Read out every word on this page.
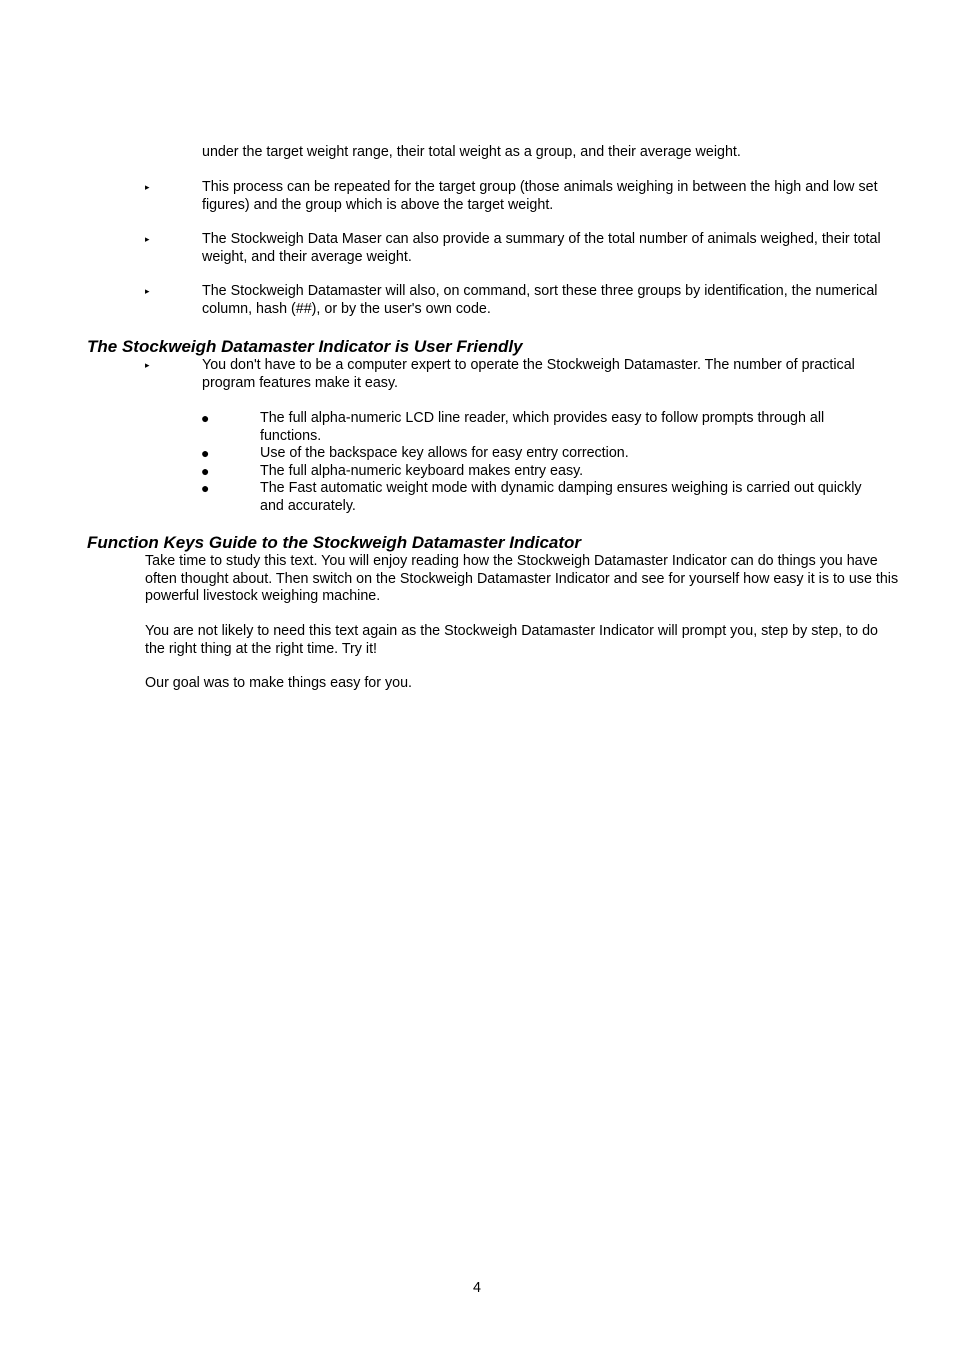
under the target weight range, their total weight as a group, and their average weight.
▸	This process can be repeated for the target group (those animals weighing in between the high and low set figures) and the group which is above the target weight.
▸	The Stockweigh Data Maser can also provide a summary of the total number of animals weighed, their total weight, and their average weight.
▸	The Stockweigh Datamaster will also, on command, sort these three groups by identification, the numerical column, hash (##), or by the user's own code.
The Stockweigh Datamaster Indicator is User Friendly
▸	You don't have to be a computer expert to operate the Stockweigh Datamaster. The number of practical program features make it easy.
●	The full alpha-numeric LCD line reader, which provides easy to follow prompts through all functions.
●	Use of the backspace key allows for easy entry correction.
●	The full alpha-numeric keyboard makes entry easy.
●	The Fast automatic weight mode with dynamic damping ensures weighing is carried out quickly and accurately.
Function Keys Guide to the Stockweigh Datamaster Indicator
Take time to study this text. You will enjoy reading how the Stockweigh Datamaster Indicator can do things you have often thought about. Then switch on the Stockweigh Datamaster Indicator and see for yourself how easy it is to use this powerful livestock weighing machine.
You are not likely to need this text again as the Stockweigh Datamaster Indicator will prompt you, step by step, to do the right thing at the right time. Try it!
Our goal was to make things easy for you.
4
